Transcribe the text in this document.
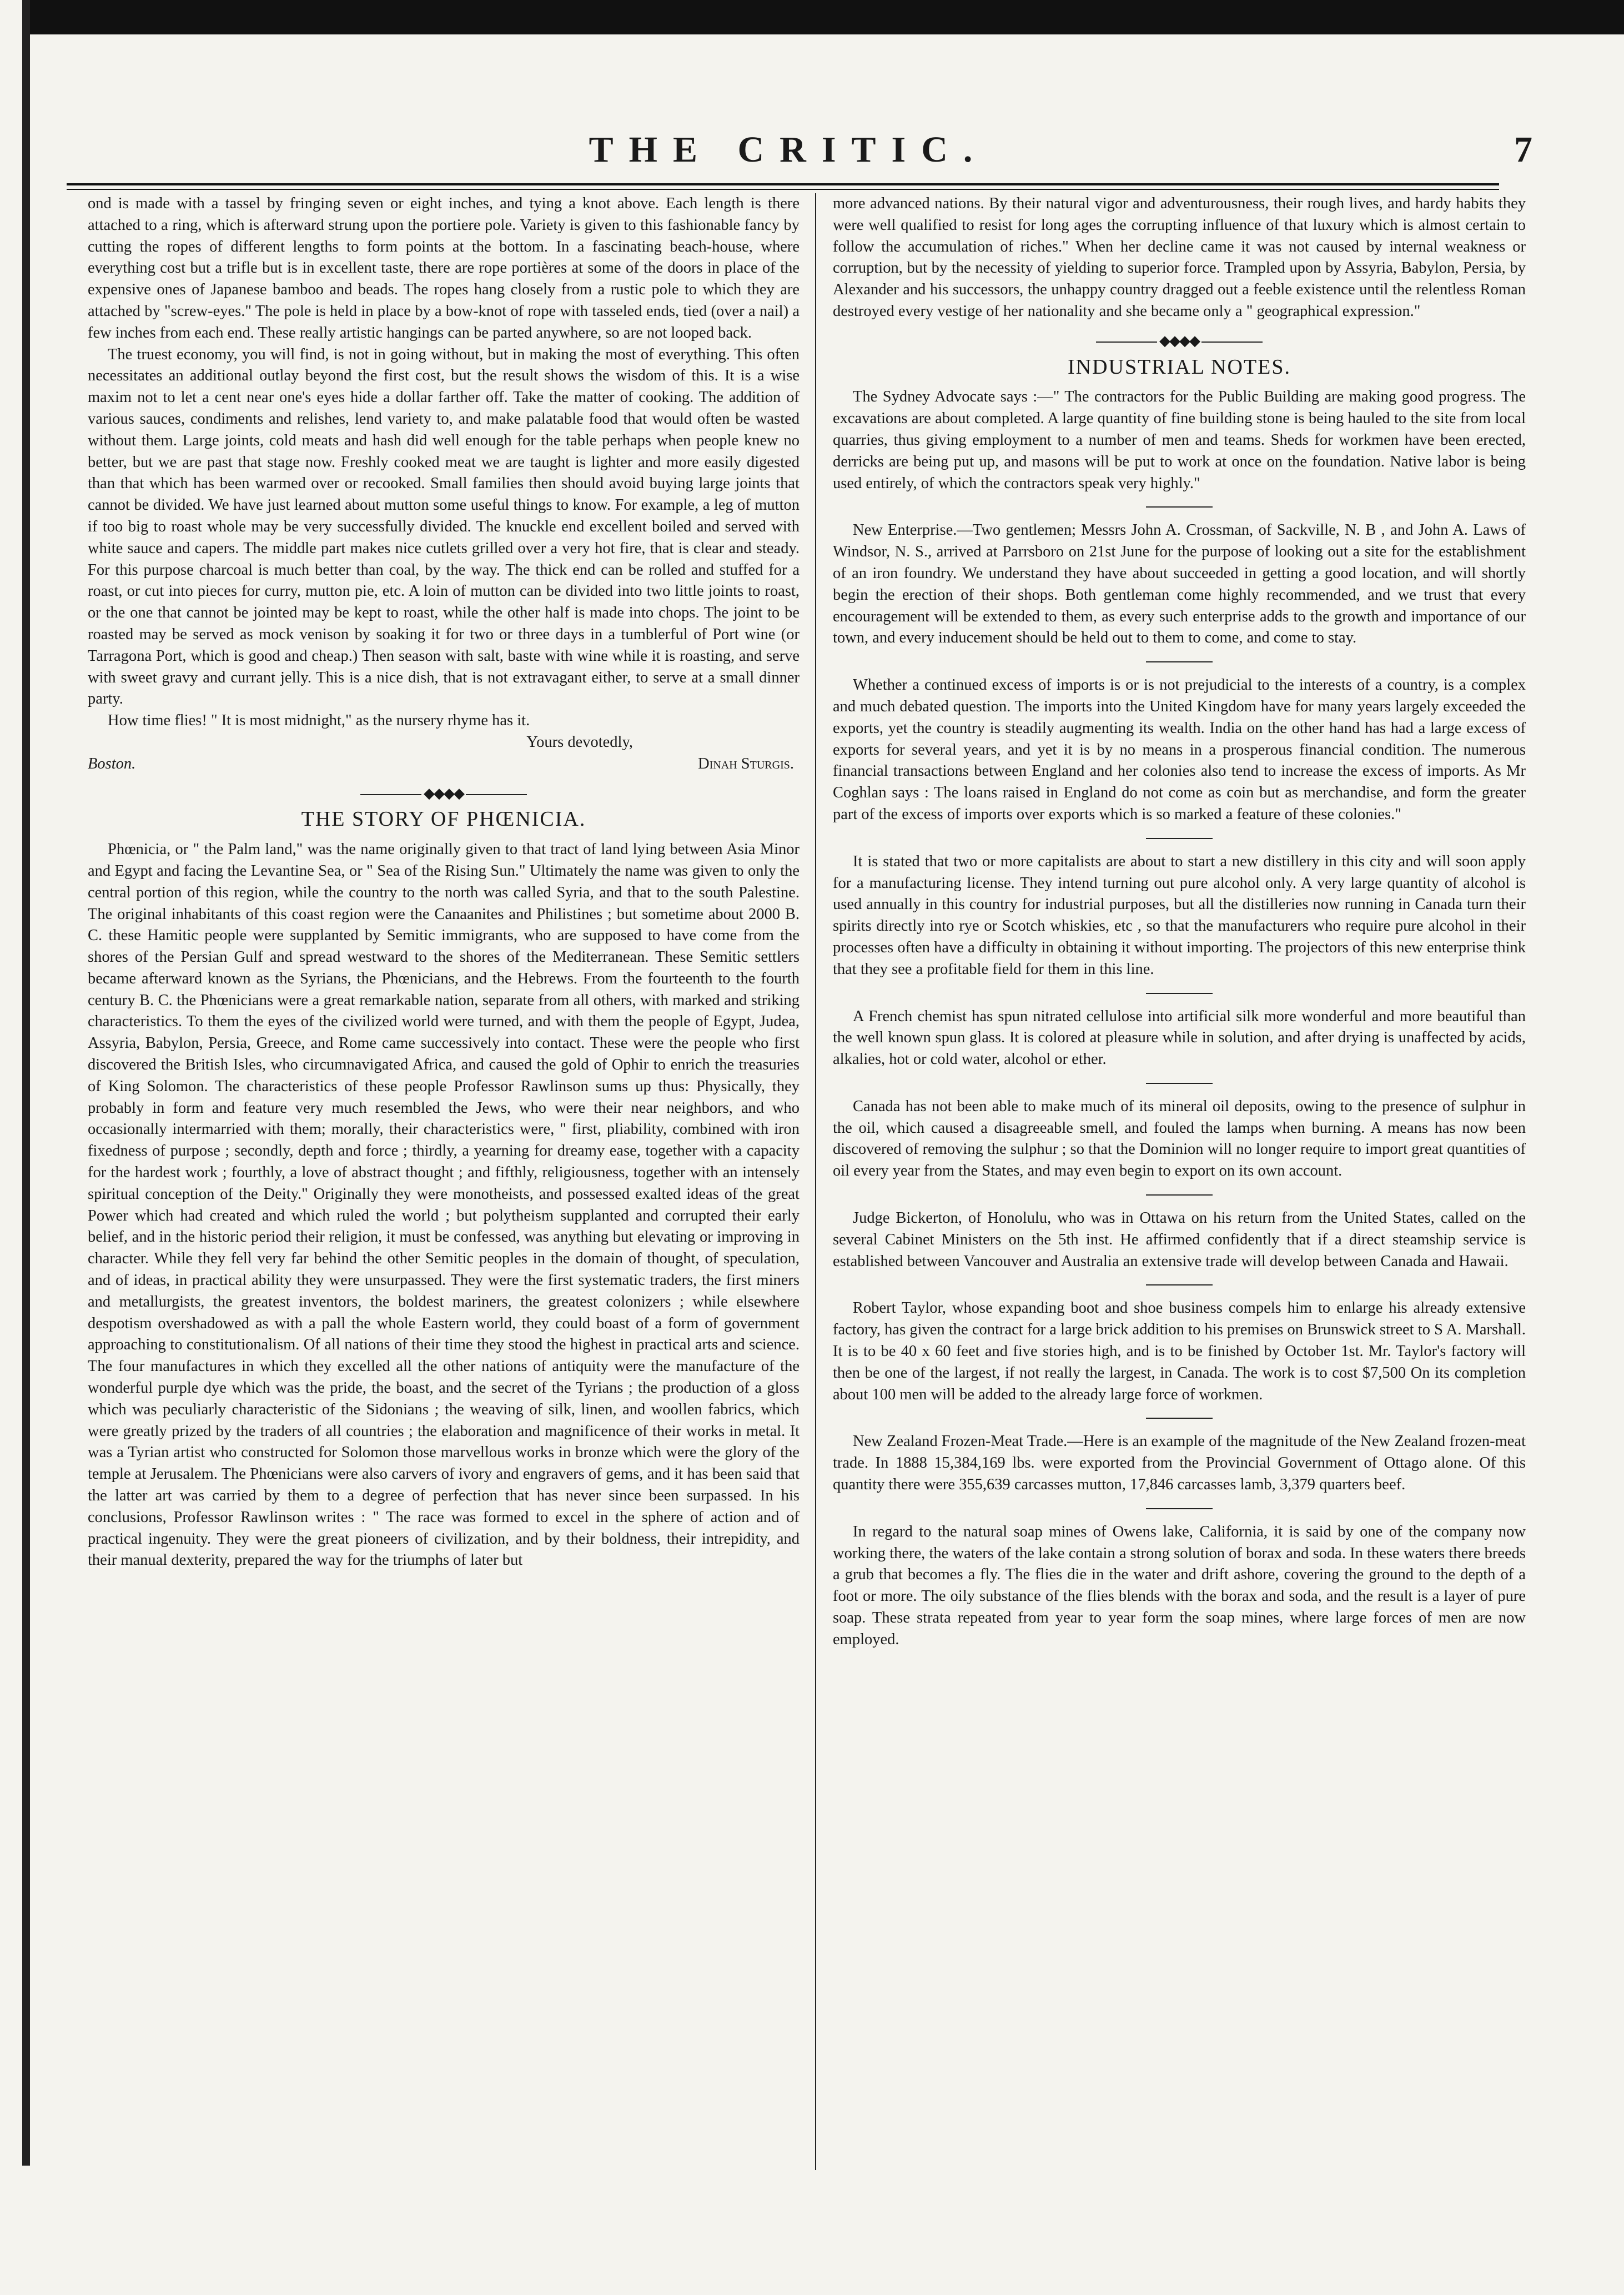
THE CRITIC.	7

ond is made with a tassel by fringing seven or eight inches, and tying a knot above. Each length is there attached to a ring, which is afterward strung upon the portiere pole. Variety is given to this fashionable fancy by cutting the ropes of different lengths to form points at the bottom. In a fascinating beach-house, where everything cost but a trifle but is in excellent taste, there are rope portières at some of the doors in place of the expensive ones of Japanese bamboo and beads. The ropes hang closely from a rustic pole to which they are attached by "screw-eyes." The pole is held in place by a bow-knot of rope with tasseled ends, tied (over a nail) a few inches from each end. These really artistic hangings can be parted anywhere, so are not looped back.

The truest economy, you will find, is not in going without, but in making the most of everything. This often necessitates an additional outlay beyond the first cost, but the result shows the wisdom of this. It is a wise maxim not to let a cent near one's eyes hide a dollar farther off. Take the matter of cooking. The addition of various sauces, condiments and relishes, lend variety to, and make palatable food that would often be wasted without them. Large joints, cold meats and hash did well enough for the table perhaps when people knew no better, but we are past that stage now. Freshly cooked meat we are taught is lighter and more easily digested than that which has been warmed over or recooked. Small families then should avoid buying large joints that cannot be divided. We have just learned about mutton some useful things to know. For example, a leg of mutton if too big to roast whole may be very successfully divided. The knuckle end excellent boiled and served with white sauce and capers. The middle part makes nice cutlets grilled over a very hot fire, that is clear and steady. For this purpose charcoal is much better than coal, by the way. The thick end can be rolled and stuffed for a roast, or cut into pieces for curry, mutton pie, etc. A loin of mutton can be divided into two little joints to roast, or the one that cannot be jointed may be kept to roast, while the other half is made into chops. The joint to be roasted may be served as mock venison by soaking it for two or three days in a tumblerful of Port wine (or Tarragona Port, which is good and cheap.) Then season with salt, baste with wine while it is roasting, and serve with sweet gravy and currant jelly. This is a nice dish, that is not extravagant either, to serve at a small dinner party.

How time flies! " It is most midnight," as the nursery rhyme has it.

Yours devotedly,

Boston.	Dinah Sturgis.
◆◆◆◆
THE STORY OF PHŒNICIA.

Phœnicia, or " the Palm land," was the name originally given to that tract of land lying between Asia Minor and Egypt and facing the Levantine Sea, or " Sea of the Rising Sun." Ultimately the name was given to only the central portion of this region, while the country to the north was called Syria, and that to the south Palestine. The original inhabitants of this coast region were the Canaanites and Philistines ; but sometime about 2000 B. C. these Hamitic people were supplanted by Semitic immigrants, who are supposed to have come from the shores of the Persian Gulf and spread westward to the shores of the Mediterranean. These Semitic settlers became afterward known as the Syrians, the Phœnicians, and the Hebrews. From the fourteenth to the fourth century B. C. the Phœnicians were a great remarkable nation, separate from all others, with marked and striking characteristics. To them the eyes of the civilized world were turned, and with them the people of Egypt, Judea, Assyria, Babylon, Persia, Greece, and Rome came successively into contact. These were the people who first discovered the British Isles, who circumnavigated Africa, and caused the gold of Ophir to enrich the treasuries of King Solomon. The characteristics of these people Professor Rawlinson sums up thus: Physically, they probably in form and feature very much resembled the Jews, who were their near neighbors, and who occasionally intermarried with them; morally, their characteristics were, " first, pliability, combined with iron fixedness of purpose ; secondly, depth and force ; thirdly, a yearning for dreamy ease, together with a capacity for the hardest work ; fourthly, a love of abstract thought ; and fifthly, religiousness, together with an intensely spiritual conception of the Deity." Originally they were monotheists, and possessed exalted ideas of the great Power which had created and which ruled the world ; but polytheism supplanted and corrupted their early belief, and in the historic period their religion, it must be confessed, was anything but elevating or improving in character. While they fell very far behind the other Semitic peoples in the domain of thought, of speculation, and of ideas, in practical ability they were unsurpassed. They were the first systematic traders, the first miners and metallurgists, the greatest inventors, the boldest mariners, the greatest colonizers ; while elsewhere despotism overshadowed as with a pall the whole Eastern world, they could boast of a form of government approaching to constitutionalism. Of all nations of their time they stood the highest in practical arts and science. The four manufactures in which they excelled all the other nations of antiquity were the manufacture of the wonderful purple dye which was the pride, the boast, and the secret of the Tyrians ; the production of a gloss which was peculiarly characteristic of the Sidonians ; the weaving of silk, linen, and woollen fabrics, which were greatly prized by the traders of all countries ; the elaboration and magnificence of their works in metal. It was a Tyrian artist who constructed for Solomon those marvellous works in bronze which were the glory of the temple at Jerusalem. The Phœnicians were also carvers of ivory and engravers of gems, and it has been said that the latter art was carried by them to a degree of perfection that has never since been surpassed. In his conclusions, Professor Rawlinson writes : " The race was formed to excel in the sphere of action and of practical ingenuity. They were the great pioneers of civilization, and by their boldness, their intrepidity, and their manual dexterity, prepared the way for the triumphs of later but

more advanced nations. By their natural vigor and adventurousness, their rough lives, and hardy habits they were well qualified to resist for long ages the corrupting influence of that luxury which is almost certain to follow the accumulation of riches." When her decline came it was not caused by internal weakness or corruption, but by the necessity of yielding to superior force. Trampled upon by Assyria, Babylon, Persia, by Alexander and his successors, the unhappy country dragged out a feeble existence until the relentless Roman destroyed every vestige of her nationality and she became only a " geographical expression."

◆◆◆◆
INDUSTRIAL NOTES.

The Sydney Advocate says :—" The contractors for the Public Building are making good progress. The excavations are about completed. A large quantity of fine building stone is being hauled to the site from local quarries, thus giving employment to a number of men and teams. Sheds for workmen have been erected, derricks are being put up, and masons will be put to work at once on the foundation. Native labor is being used entirely, of which the contractors speak very highly."

New Enterprise.—Two gentlemen; Messrs John A. Crossman, of Sackville, N. B , and John A. Laws of Windsor, N. S., arrived at Parrsboro on 21st June for the purpose of looking out a site for the establishment of an iron foundry. We understand they have about succeeded in getting a good location, and will shortly begin the erection of their shops. Both gentleman come highly recommended, and we trust that every encouragement will be extended to them, as every such enterprise adds to the growth and importance of our town, and every inducement should be held out to them to come, and come to stay.

Whether a continued excess of imports is or is not prejudicial to the interests of a country, is a complex and much debated question. The imports into the United Kingdom have for many years largely exceeded the exports, yet the country is steadily augmenting its wealth. India on the other hand has had a large excess of exports for several years, and yet it is by no means in a prosperous financial condition. The numerous financial transactions between England and her colonies also tend to increase the excess of imports. As Mr Coghlan says : The loans raised in England do not come as coin but as merchandise, and form the greater part of the excess of imports over exports which is so marked a feature of these colonies."

It is stated that two or more capitalists are about to start a new distillery in this city and will soon apply for a manufacturing license. They intend turning out pure alcohol only. A very large quantity of alcohol is used annually in this country for industrial purposes, but all the distilleries now running in Canada turn their spirits directly into rye or Scotch whiskies, etc , so that the manufacturers who require pure alcohol in their processes often have a difficulty in obtaining it without importing. The projectors of this new enterprise think that they see a profitable field for them in this line.

A French chemist has spun nitrated cellulose into artificial silk more wonderful and more beautiful than the well known spun glass. It is colored at pleasure while in solution, and after drying is unaffected by acids, alkalies, hot or cold water, alcohol or ether.

Canada has not been able to make much of its mineral oil deposits, owing to the presence of sulphur in the oil, which caused a disagreeable smell, and fouled the lamps when burning. A means has now been discovered of removing the sulphur ; so that the Dominion will no longer require to import great quantities of oil every year from the States, and may even begin to export on its own account.

Judge Bickerton, of Honolulu, who was in Ottawa on his return from the United States, called on the several Cabinet Ministers on the 5th inst. He affirmed confidently that if a direct steamship service is established between Vancouver and Australia an extensive trade will develop between Canada and Hawaii.

Robert Taylor, whose expanding boot and shoe business compels him to enlarge his already extensive factory, has given the contract for a large brick addition to his premises on Brunswick street to S A. Marshall. It is to be 40 x 60 feet and five stories high, and is to be finished by October 1st. Mr. Taylor's factory will then be one of the largest, if not really the largest, in Canada. The work is to cost $7,500 On its completion about 100 men will be added to the already large force of workmen.

New Zealand Frozen-Meat Trade.—Here is an example of the magnitude of the New Zealand frozen-meat trade. In 1888 15,384,169 lbs. were exported from the Provincial Government of Ottago alone. Of this quantity there were 355,639 carcasses mutton, 17,846 carcasses lamb, 3,379 quarters beef.

In regard to the natural soap mines of Owens lake, California, it is said by one of the company now working there, the waters of the lake contain a strong solution of borax and soda. In these waters there breeds a grub that becomes a fly. The flies die in the water and drift ashore, covering the ground to the depth of a foot or more. The oily substance of the flies blends with the borax and soda, and the result is a layer of pure soap. These strata repeated from year to year form the soap mines, where large forces of men are now employed.
